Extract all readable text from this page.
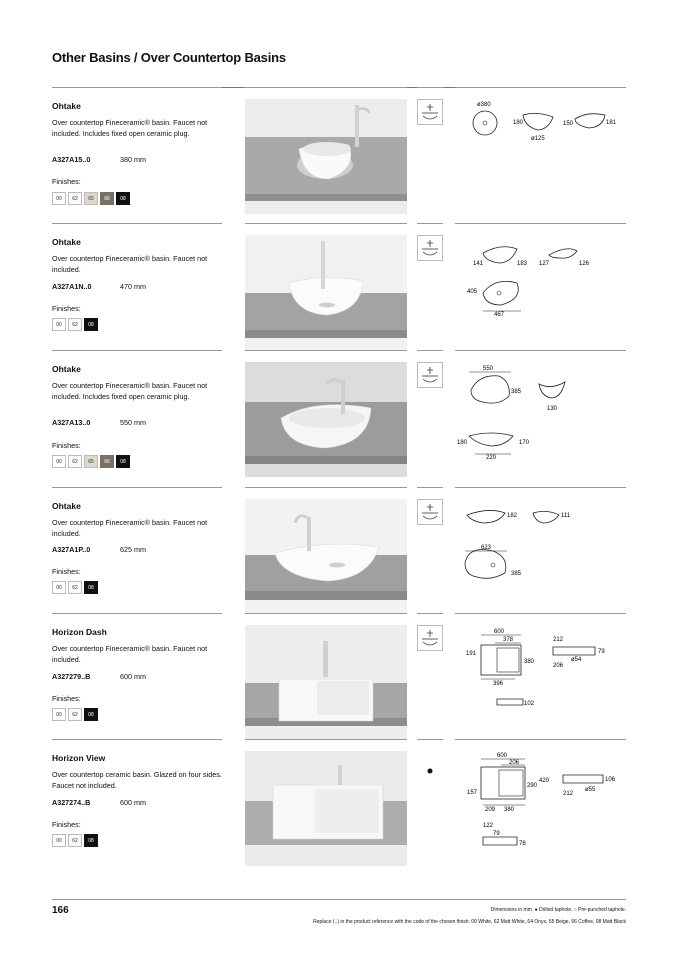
Other Basins / Over Countertop Basins
Ohtake
Over countertop Fineceramic® basin. Faucet not included. Includes fixed open ceramic plug.
A327A15..0	380 mm
Finishes:
00	62	65	66	08
ø380
180	150	181
ø125
Ohtake
Over countertop Fineceramic® basin. Faucet not included.
A327A1N..0	470 mm
Finishes:
00	62	08
141	183 127	126
405
467
Ohtake
Over countertop Fineceramic® basin. Faucet not included. Includes fixed open ceramic plug.
A327A13..0	550 mm
Finishes:
00	62	65	66	08
550
385
130
180	170
220
Ohtake
Over countertop Fineceramic® basin. Faucet not included.
A327A1P..0	625 mm
Finishes:
00	62	08
182	111
623
385
Horizon Dash
Over countertop Fineceramic® basin. Faucet not included.
A327279..B	600 mm
Finishes:
00	62	08
600
378
191
380
396
212
79
ø54
206
102
Horizon View
Over countertop ceramic basin. Glazed on four sides. Faucet not included.
A327274..B	600 mm
Finishes:
00	62	08
600
206
157
290
420
209 380
106
ø55
212
122
79
78
166	Dimensions in mm. ● Drilled taphole. ○ Pre-punched taphole.
Replace (..) in the product reference with the code of the chosen finish: 00 White, 62 Matt White, 64 Onyx, 65 Beige, 66 Coffee, 08 Matt Black
